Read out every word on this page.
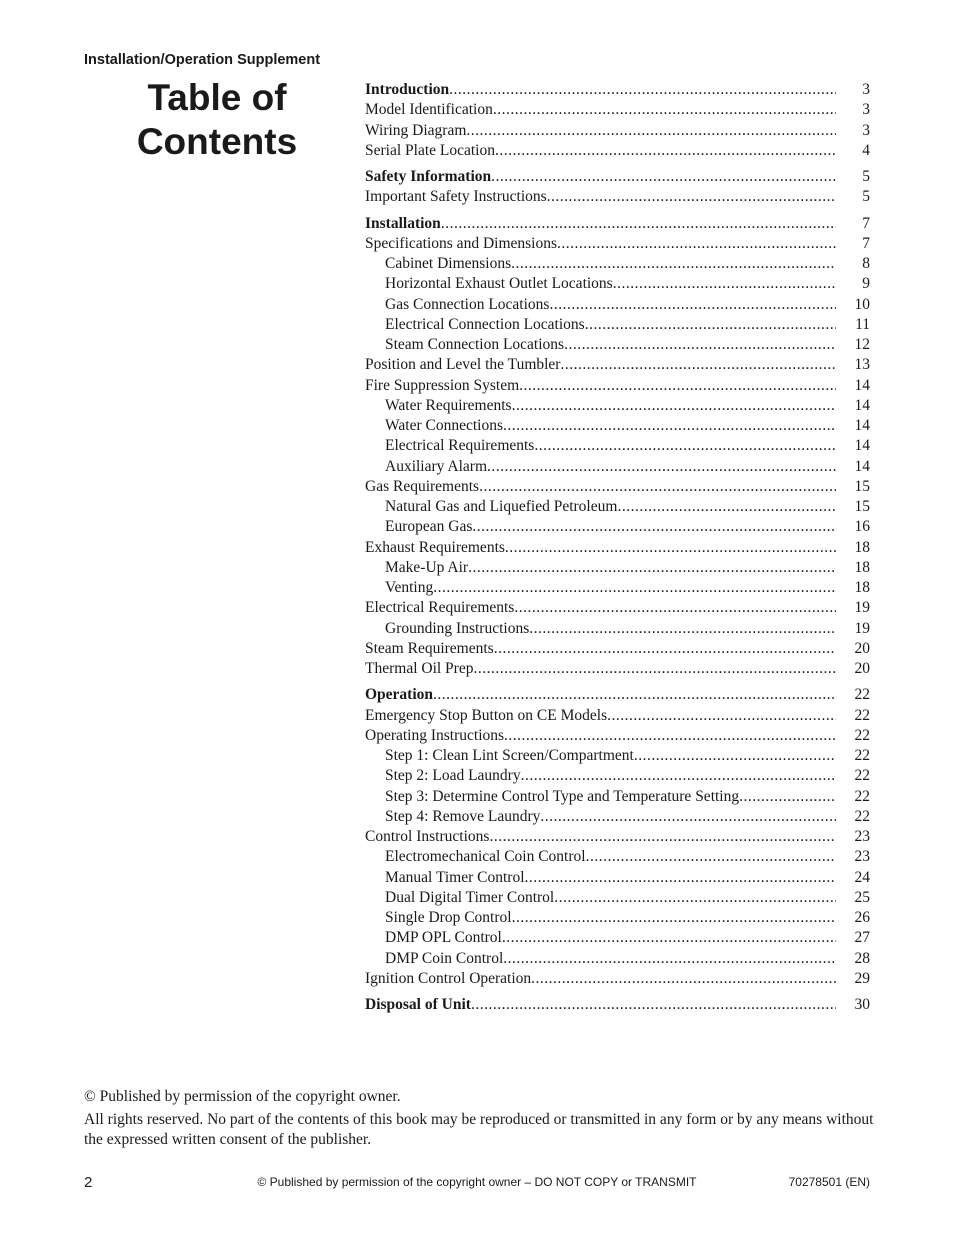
Installation/Operation Supplement
Table of
Contents
Introduction .....	3
Model Identification .....	3
Wiring Diagram .....	3
Serial Plate Location .....	4
Safety Information .....	5
Important Safety Instructions .....	5
Installation .....	7
Specifications and Dimensions .....	7
Cabinet Dimensions .....	8
Horizontal Exhaust Outlet Locations .....	9
Gas Connection Locations .....	10
Electrical Connection Locations .....	11
Steam Connection Locations .....	12
Position and Level the Tumbler .....	13
Fire Suppression System .....	14
Water Requirements .....	14
Water Connections .....	14
Electrical Requirements .....	14
Auxiliary Alarm .....	14
Gas Requirements .....	15
Natural Gas and Liquefied Petroleum .....	15
European Gas .....	16
Exhaust Requirements .....	18
Make-Up Air .....	18
Venting .....	18
Electrical Requirements .....	19
Grounding Instructions .....	19
Steam Requirements .....	20
Thermal Oil Prep .....	20
Operation .....	22
Emergency Stop Button on CE Models .....	22
Operating Instructions .....	22
Step 1: Clean Lint Screen/Compartment .....	22
Step 2: Load Laundry .....	22
Step 3: Determine Control Type and Temperature Setting .....	22
Step 4: Remove Laundry .....	22
Control Instructions .....	23
Electromechanical Coin Control .....	23
Manual Timer Control .....	24
Dual Digital Timer Control .....	25
Single Drop Control .....	26
DMP OPL Control .....	27
DMP Coin Control .....	28
Ignition Control Operation .....	29
Disposal of Unit .....	30

© Published by permission of the copyright owner.

All rights reserved. No part of the contents of this book may be reproduced or transmitted in any form or by any means without the expressed written consent of the publisher.

2	© Published by permission of the copyright owner – DO NOT COPY or TRANSMIT	70278501 (EN)
